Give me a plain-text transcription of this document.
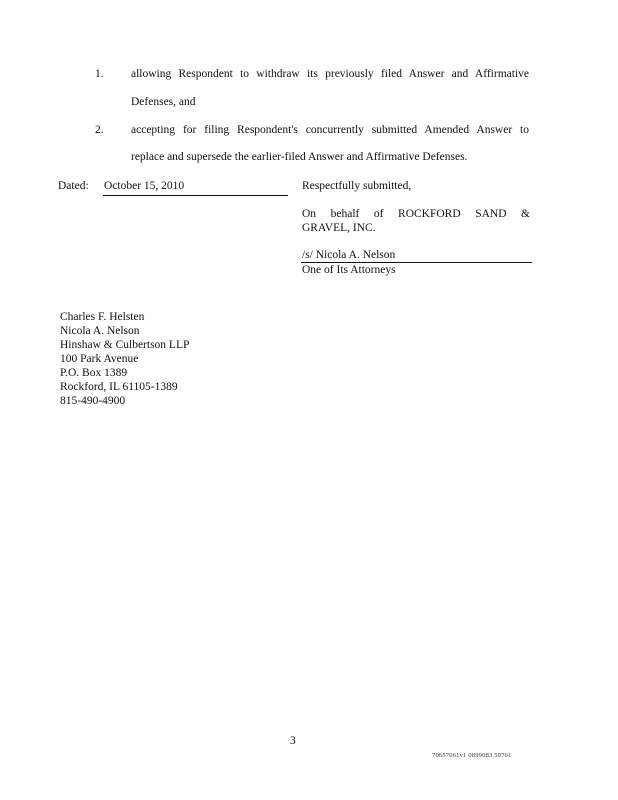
1. allowing Respondent to withdraw its previously filed Answer and Affirmative
Defenses, and
2. accepting for filing Respondent's concurrently submitted Amended Answer to
replace and supersede the earlier-filed Answer and Affirmative Defenses.
Dated: October 15, 2010	Respectfully submitted,
On behalf of ROCKFORD SAND &
GRAVEL, INC.
/s/ Nicola A. Nelson
One of Its Attorneys
Charles F. Helsten
Nicola A. Nelson
Hinshaw & Culbertson LLP
100 Park Avenue
P.O. Box 1389
Rockford, IL 61105-1389
815-490-4900
3
70657061v1 0899083 50761
